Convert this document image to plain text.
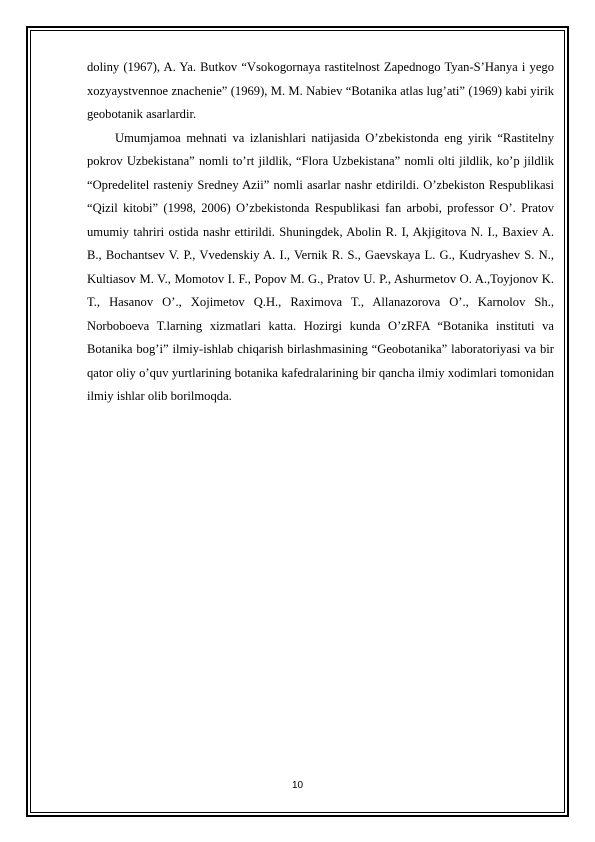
doliny (1967), A. Ya. Butkov “Vsokogornaya rastitelnost Zapednogo Tyan-S’Hanya i yego xozyaystvennoe znachenie” (1969), M. M. Nabiev “Botanika atlas lug’ati” (1969) kabi yirik geobotanik asarlardir.

Umumjamoa mehnati va izlanishlari natijasida O’zbekistonda eng yirik “Rastitelny pokrov Uzbekistana” nomli to’rt jildlik, “Flora Uzbekistana” nomli olti jildlik, ko’p jildlik “Opredelitel rasteniy Sredney Azii” nomli asarlar nashr etdirildi. O’zbekiston Respublikasi “Qizil kitobi” (1998, 2006) O’zbekistonda Respublikasi fan arbobi, professor O’. Pratov umumiy tahriri ostida nashr ettirildi. Shuningdek, Abolin R. I, Akjigitova N. I., Baxiev A. B., Bochantsev V. P., Vvedenskiy A. I., Vernik R. S., Gaevskaya L. G., Kudryashev S. N., Kultiasov M. V., Momotov I. F., Popov M. G., Pratov U. P., Ashurmetov O. A.,Toyjonov K. T., Hasanov O’., Xojimetov Q.H., Raximova T., Allanazorova O’., Karnolov Sh., Norboboeva T.larning xizmatlari katta. Hozirgi kunda O’zRFA “Botanika instituti va Botanika bog’i” ilmiy-ishlab chiqarish birlashmasining “Geobotanika” laboratoriyasi va bir qator oliy o’quv yurtlarining botanika kafedralarining bir qancha ilmiy xodimlari tomonidan ilmiy ishlar olib borilmoqda.

10
